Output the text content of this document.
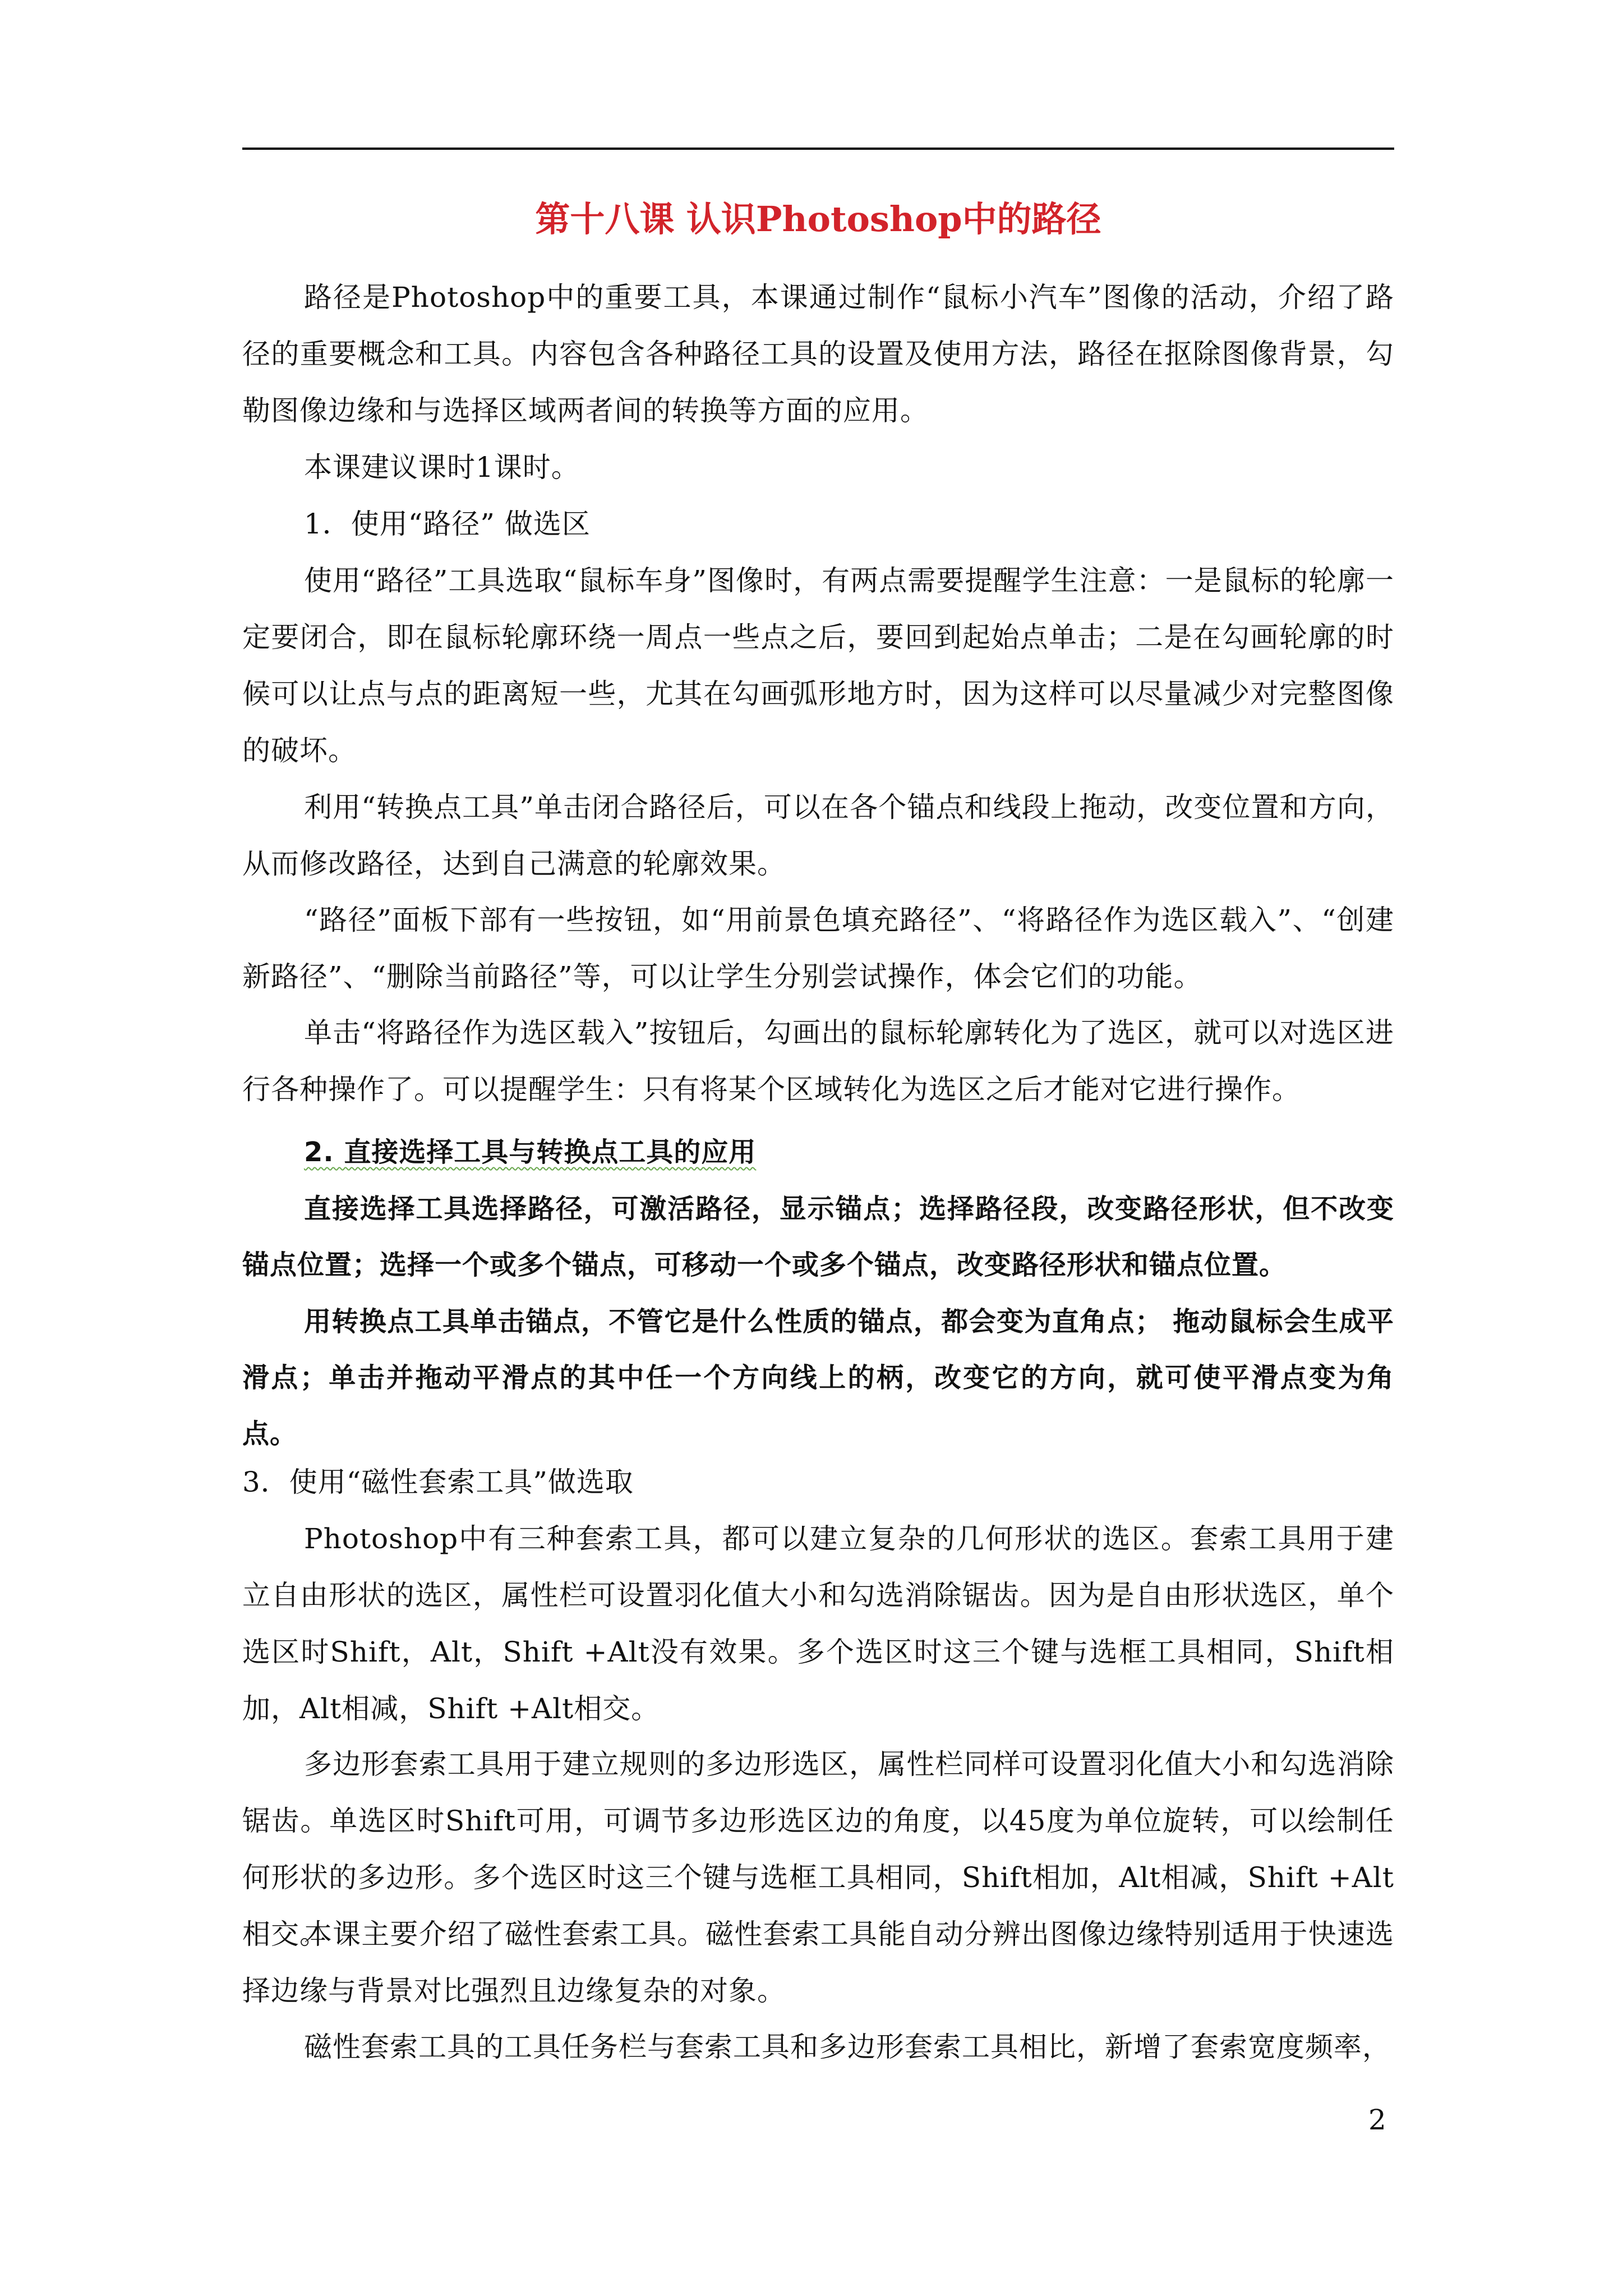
第十八课 认识Photoshop中的路径

路径是Photoshop中的重要工具，本课通过制作“鼠标小汽车”图像的活动，介绍了路径的重要概念和工具。内容包含各种路径工具的设置及使用方法，路径在抠除图像背景，勾勒图像边缘和与选择区域两者间的转换等方面的应用。

本课建议课时1课时。

1．使用“路径” 做选区

使用“路径”工具选取“鼠标车身”图像时，有两点需要提醒学生注意：一是鼠标的轮廓一定要闭合，即在鼠标轮廓环绕一周点一些点之后，要回到起始点单击；二是在勾画轮廓的时候可以让点与点的距离短一些，尤其在勾画弧形地方时，因为这样可以尽量减少对完整图像的破坏。

利用“转换点工具”单击闭合路径后，可以在各个锚点和线段上拖动，改变位置和方向，从而修改路径，达到自己满意的轮廓效果。

“路径”面板下部有一些按钮，如“用前景色填充路径”、“将路径作为选区载入”、“创建新路径”、“删除当前路径”等，可以让学生分别尝试操作，体会它们的功能。

单击“将路径作为选区载入”按钮后，勾画出的鼠标轮廓转化为了选区，就可以对选区进行各种操作了。可以提醒学生：只有将某个区域转化为选区之后才能对它进行操作。

2. 直接选择工具与转换点工具的应用

直接选择工具选择路径，可激活路径，显示锚点；选择路径段，改变路径形状，但不改变锚点位置；选择一个或多个锚点，可移动一个或多个锚点，改变路径形状和锚点位置。

用转换点工具单击锚点，不管它是什么性质的锚点，都会变为直角点； 拖动鼠标会生成平滑点；单击并拖动平滑点的其中任一个方向线上的柄，改变它的方向，就可使平滑点变为角点。

3．使用“磁性套索工具”做选取

Photoshop中有三种套索工具，都可以建立复杂的几何形状的选区。套索工具用于建立自由形状的选区，属性栏可设置羽化值大小和勾选消除锯齿。因为是自由形状选区，单个选区时Shift，Alt，Shift +Alt没有效果。多个选区时这三个键与选框工具相同，Shift相加，Alt相减，Shift +Alt相交。

多边形套索工具用于建立规则的多边形选区，属性栏同样可设置羽化值大小和勾选消除锯齿。单选区时Shift可用，可调节多边形选区边的角度，以45度为单位旋转，可以绘制任何形状的多边形。多个选区时这三个键与选框工具相同，Shift相加，Alt相减，Shift +Alt相交。

本课主要介绍了磁性套索工具。磁性套索工具能自动分辨出图像边缘特别适用于快速选择边缘与背景对比强烈且边缘复杂的对象。

磁性套索工具的工具任务栏与套索工具和多边形套索工具相比，新增了套索宽度频率，

2
